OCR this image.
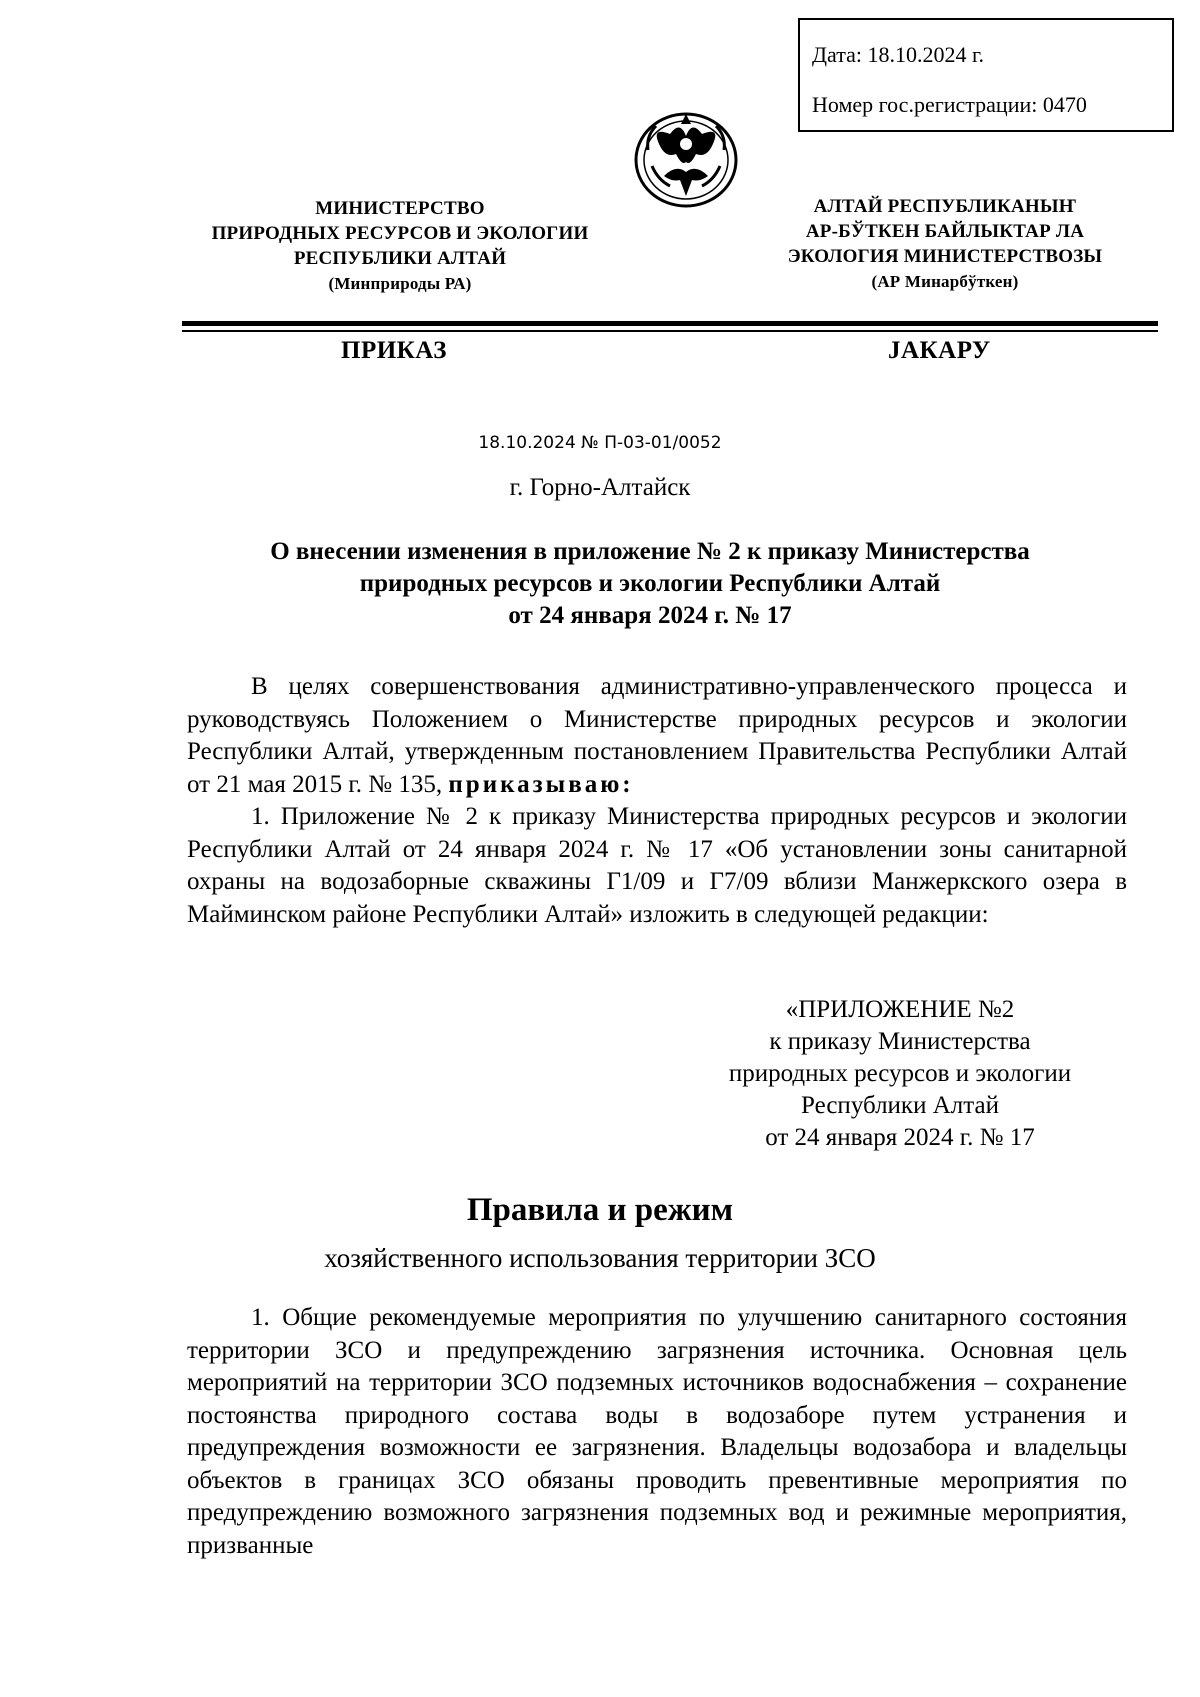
Дата: 18.10.2024 г.
Номер гос.регистрации: 0470
МИНИСТЕРСТВО
ПРИРОДНЫХ РЕСУРСОВ И ЭКОЛОГИИ
РЕСПУБЛИКИ АЛТАЙ
(Минприроды РА)
АЛТАЙ РЕСПУБЛИКАНЫҤ
АР-БЎТКЕН БАЙЛЫКТАР ЛА
ЭКОЛОГИЯ МИНИСТЕРСТВОЗЫ
(АР Минарбўткен)
ПРИКАЗ	ЈАКАРУ
18.10.2024 № П-03-01/0052
г. Горно-Алтайск
О внесении изменения в приложение № 2 к приказу Министерства
природных ресурсов и экологии Республики Алтай
от 24 января 2024 г. № 17

В целях совершенствования административно-управленческого процесса и руководствуясь Положением о Министерстве природных ресурсов и экологии Республики Алтай, утвержденным постановлением Правительства Республики Алтай от 21 мая 2015 г. № 135, приказываю:

1. Приложение № 2 к приказу Министерства природных ресурсов и экологии Республики Алтай от 24 января 2024 г. № 17 «Об установлении зоны санитарной охраны на водозаборные скважины Г1/09 и Г7/09 вблизи Манжеркского озера в Майминском районе Республики Алтай» изложить в следующей редакции:

«ПРИЛОЖЕНИЕ №2
к приказу Министерства
природных ресурсов и экологии
Республики Алтай
от 24 января 2024 г. № 17
Правила и режим
хозяйственного использования территории ЗСО

1. Общие рекомендуемые мероприятия по улучшению санитарного состояния территории ЗСО и предупреждению загрязнения источника. Основная цель мероприятий на территории ЗСО подземных источников водоснабжения – сохранение постоянства природного состава воды в водозаборе путем устранения и предупреждения возможности ее загрязнения. Владельцы водозабора и владельцы объектов в границах ЗСО обязаны проводить превентивные мероприятия по предупреждению возможного загрязнения подземных вод и режимные мероприятия, призванные
